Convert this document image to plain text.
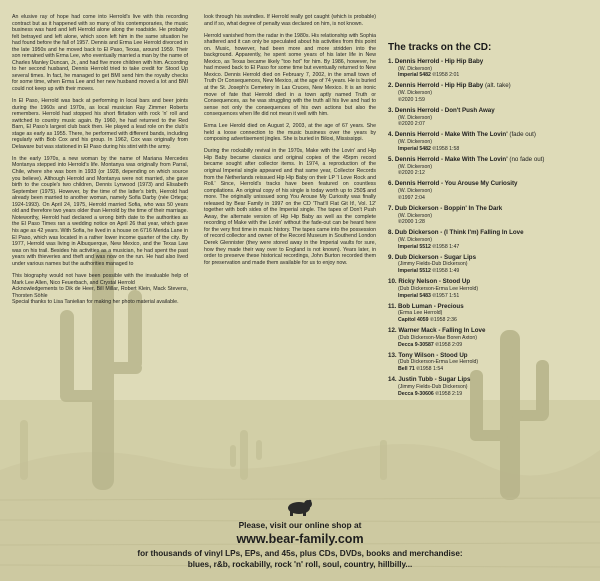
An elusive ray of hope had come into Herrold's live with this recording contract but as it happened with so many of his contemporaries, the music business was hard and left Herrold alone along the roadside. He probably felt betrayed and left alone, which soon left him in the same situation he had found before the fall of 1957. Dennis and Erma Lee Herrold divorced in the late 1950s and he moved back to El Paso, Texas, around 1959. Their son remained with Erma Lee, who eventually married a man by the name of Charles Manley Duncan, Jr., and had five more children with him. According to her second husband, Dennis Herrold tried to take credit for Stood Up several times. In fact, he managed to get BMI send him the royalty checks for some time, when Erma Lee and her new husband moved a lot and BMI could not keep up with their moves.

In El Paso, Herrold was back at performing in local bars and beer joints during the 1960s and 1970s, as local musician Ray Zimmer Roberts remembers. Herrold had stopped his short flirtation with rock 'n' roll and switched to country music again. By 1960, he had returned to the Red Barn, El Paso's largest club back then. He played a lead role on the club's stage as early as 1955. There, he performed with different bands, including regularly with Bob Cox and his group. In 1962, Cox was originally from Delaware but was stationed in El Paso during his stint with the army.

In the early 1970s, a new woman by the name of Mariana Mercedes Montanya stepped into Herrold's life. Montanya was originally from Parral, Chile, where she was born in 1933 (or 1928, depending on which source you believe). Although Herrold and Montanya were not married, she gave birth to the couple's two children, Dennis Lynwood (1973) and Elisabeth September (1975). However, by the time of the latter's birth, Herrold had already been married to another woman, namely Sofia Darby (née Ortega; 1924-1993). On April 24, 1975, Herrold married Sofia, who was 50 years old and therefore two years older than Herrold by the time of their marriage. Noteworthy, Herrold had declared a wrong birth date to the authorities as the El Paso Times ran a wedding notice on April 26 that year, which gave his age as 42 years. With Sofia, he lived in a house on 6716 Merida Lane in El Paso, which was located in a rather lower income quarter of the city. By 1977, Herrold was living in Albuquerque, New Mexico, and the Texas Law was on his trail. Besides his activities as a musician, he had spent the past years with thieveries and theft and was now on the run. He had also lived under various names but the authorities managed to

This biography would not have been possible with the invaluable help of Mark Lee Allen, Nico Feuerbach, and Crystal Herrold

Acknowledgements to Dik de Heer, Bill Millar, Robert Klein, Mack Stevens, Thorsten Söhle

Special thanks to Lisa Tanielian for making her photo material available.

look through his swindles. If Herrold really got caught (which is probable) and if so, what degree of penalty was declared on him, is not known.

Herrold vanished from the radar in the 1980s. His relationship with Sophia shattered and it can only be speculated about his activities from this point on. Music, however, had been more and more stridden into the background. Apparently, he spent some years of his later life in New Mexico, as Texas became likely "too hot" for him. By 1986, however, he had moved back to El Paso for some time but eventually returned to New Mexico. Dennis Herrold died on February 7, 2002, in the small town of Truth Or Consequences, New Mexico, at the age of 74 years. He is buried at the St. Joseph's Cemetery in Las Cruces, New Mexico. It is an ironic move of fate that Herrold died in a town aptly named Truth or Consequences, as he was struggling with the truth all his live and had to sense not only the consequences of his own actions but also the consequences when life did not mean it well with him.

Erma Lee Herold died on August 2, 2003, at the age of 67 years. She held a loose connection to the music business over the years by composing advertisement jingles. She is buried in Biloxi, Mississippi.

During the rockabilly revival in the 1970s, Make with the Lovin' and Hip Hip Baby became classics and original copies of the 45rpm record became sought after collector items. In 1974, a reproduction of the original Imperial single appeared and that same year, Collector Records from the Netherlands reissued Hip Hip Baby on their LP 'I Love Rock and Roll.' Since, Herrold's tracks have been featured on countless compilations. An original copy of his single is today worth up to 250$ and more. The originally unissued song You Arouse My Curiosity was finally released by Bear Family in 1997 on the CD 'That'll Flat Git It!, Vol. 12' together with both sides of the Imperial single. The tapes of Don't Push Away, the alternate version of Hip Hip Baby as well as the complete recording of Make with the Lovin' without the fade-out can be heard here for the very first time in music history. The tapes came into the possession of record collector and owner of the Record Museum in Southend London Derek Glennister (they were stored away in the Imperial vaults for sure, how they made their way over to England is not known). Years later, in order to preserve these historical recordings, John Burton recorded them for preservation and made them available for us to enjoy now.

The tracks on the CD:
1. Dennis Herrold - Hip Hip Baby
(W. Dickerson)
Imperial 5482 ℗1958 2:01
2. Dennis Herrold - Hip Hip Baby (alt. take)
(W. Dickerson)
℗2020 1:59
3. Dennis Herrold - Don't Push Away
(W. Dickerson)
℗2020 2:07
4. Dennis Herrold - Make With The Lovin' (fade out)
(W. Dickerson)
Imperial 5482 ℗1958 1:58
5. Dennis Herrold - Make With The Lovin' (no fade out)
(W. Dickerson)
℗2020 2:12
6. Dennis Herrold - You Arouse My Curiosity
(W. Dickerson)
℗1997 2:04
7. Dub Dickerson - Boppin' In The Dark
(W. Dickerson)
℗2000 1:28
8. Dub Dickerson - (I Think I'm) Falling In Love
(W. Dickerson)
Imperial 5512 ℗1958 1:47
9. Dub Dickerson - Sugar Lips
(Jimmy Fields-Dub Dickerson)
Imperial 5512 ℗1958 1:49
10. Ricky Nelson - Stood Up
(Dub Dickerson-Erma Lee Herrold)
Imperial 5483 ℗1957 1:51
11. Bob Luman - Precious
(Erma Lee Herrold)
Capitol 4059 ℗1958 2:36
12. Warner Mack - Falling In Love
(Dub Dickerson-Mae Boren Axton)
Decca 9-30587 ℗1958 2:09
13. Tony Wilson - Stood Up
(Dub Dickerson-Erma Lee Herrold)
Bell 71 ℗1958 1:54
14. Justin Tubb - Sugar Lips
(Jimmy Fields-Dub Dickerson)
Decca 9-30606 ℗1958 2:19
Please, visit our online shop at
www.bear-family.com
for thousands of vinyl LPs, EPs, and 45s, plus CDs, DVDs, books and merchandise:
blues, r&b, rockabilly, rock 'n' roll, soul, country, hillbilly...
